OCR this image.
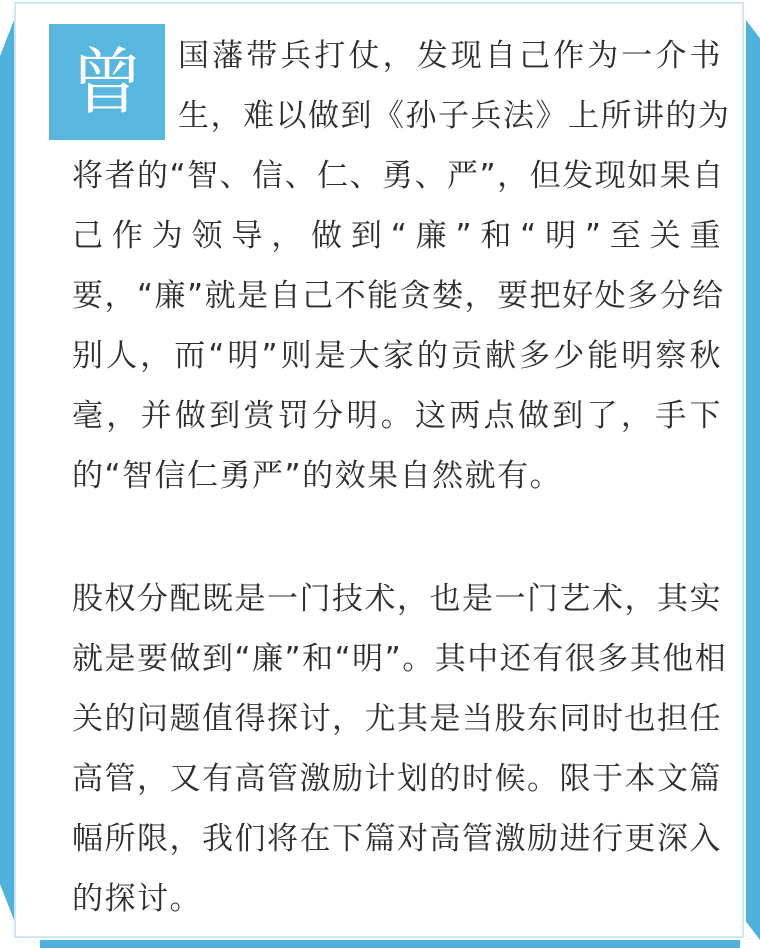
曾	国藩带兵打仗，发现自己作为一介书
生，难以做到《孙子兵法》上所讲的为
将者的“智、信、仁、勇、严”，但发现如果自
己作为领导，做到“廉”和“明”至关重
要，“廉”就是自己不能贪婪，要把好处多分给
别人，而“明”则是大家的贡献多少能明察秋
毫，并做到赏罚分明。这两点做到了，手下
的“智信仁勇严”的效果自然就有。
股权分配既是一门技术，也是一门艺术，其实
就是要做到“廉”和“明”。其中还有很多其他相
关的问题值得探讨，尤其是当股东同时也担任
高管，又有高管激励计划的时候。限于本文篇
幅所限，我们将在下篇对高管激励进行更深入
的探讨。
